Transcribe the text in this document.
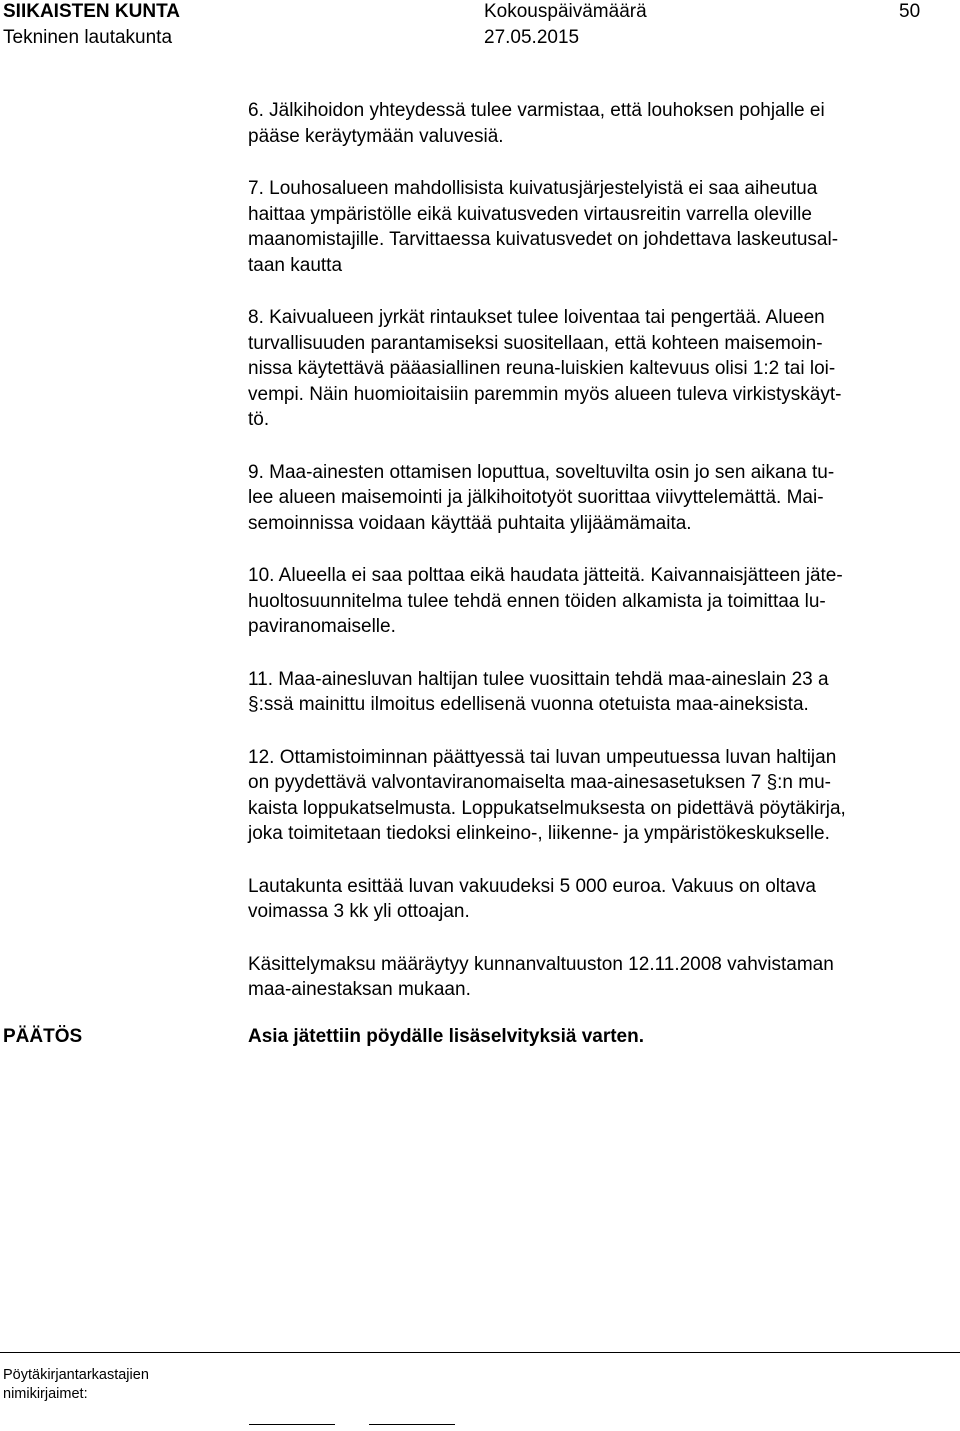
SIIKAISTEN KUNTA
Tekninen lautakunta
Kokouspäivämäärä
27.05.2015
50

6. Jälkihoidon yhteydessä tulee varmistaa, että louhoksen pohjalle ei
pääse keräytymään valuvesiä.

7. Louhosalueen mahdollisista kuivatusjärjestelyistä ei saa aiheutua
haittaa ympäristölle eikä kuivatusveden virtausreitin varrella oleville
maanomistajille. Tarvittaessa kuivatusvedet on johdettava laskeutusal-
taan kautta

8. Kaivualueen jyrkät rintaukset tulee loiventaa tai pengertää. Alueen
turvallisuuden parantamiseksi suositellaan, että kohteen maisemoin-
nissa käytettävä pääasiallinen reuna-luiskien kaltevuus olisi 1:2 tai loi-
vempi. Näin huomioitaisiin paremmin myös alueen tuleva virkistyskäyt-
tö.

9. Maa-ainesten ottamisen loputtua, soveltuvilta osin jo sen aikana tu-
lee alueen maisemointi ja jälkihoitotyöt suorittaa viivyttelemättä. Mai-
semoinnissa voidaan käyttää puhtaita ylijäämämaita.

10. Alueella ei saa polttaa eikä haudata jätteitä. Kaivannaisjätteen jäte-
huoltosuunnitelma tulee tehdä ennen töiden alkamista ja toimittaa lu-
paviranomaiselle.

11. Maa-ainesluvan haltijan tulee vuosittain tehdä maa-aineslain 23 a
§:ssä mainittu ilmoitus edellisenä vuonna otetuista maa-aineksista.

12. Ottamistoiminnan päättyessä tai luvan umpeutuessa luvan haltijan
on pyydettävä valvontaviranomaiselta maa-ainesasetuksen 7 §:n mu-
kaista loppukatselmusta. Loppukatselmuksesta on pidettävä pöytäkirja,
joka toimitetaan tiedoksi elinkeino-, liikenne- ja ympäristökeskukselle.

Lautakunta esittää luvan vakuudeksi 5 000 euroa. Vakuus on oltava
voimassa 3 kk yli ottoajan.

Käsittelymaksu määräytyy kunnanvaltuuston 12.11.2008 vahvistaman
maa-ainestaksan mukaan.

PÄÄTÖS	Asia jätettiin pöydälle lisäselvityksiä varten.
Pöytäkirjantarkastajien
nimikirjaimet:
